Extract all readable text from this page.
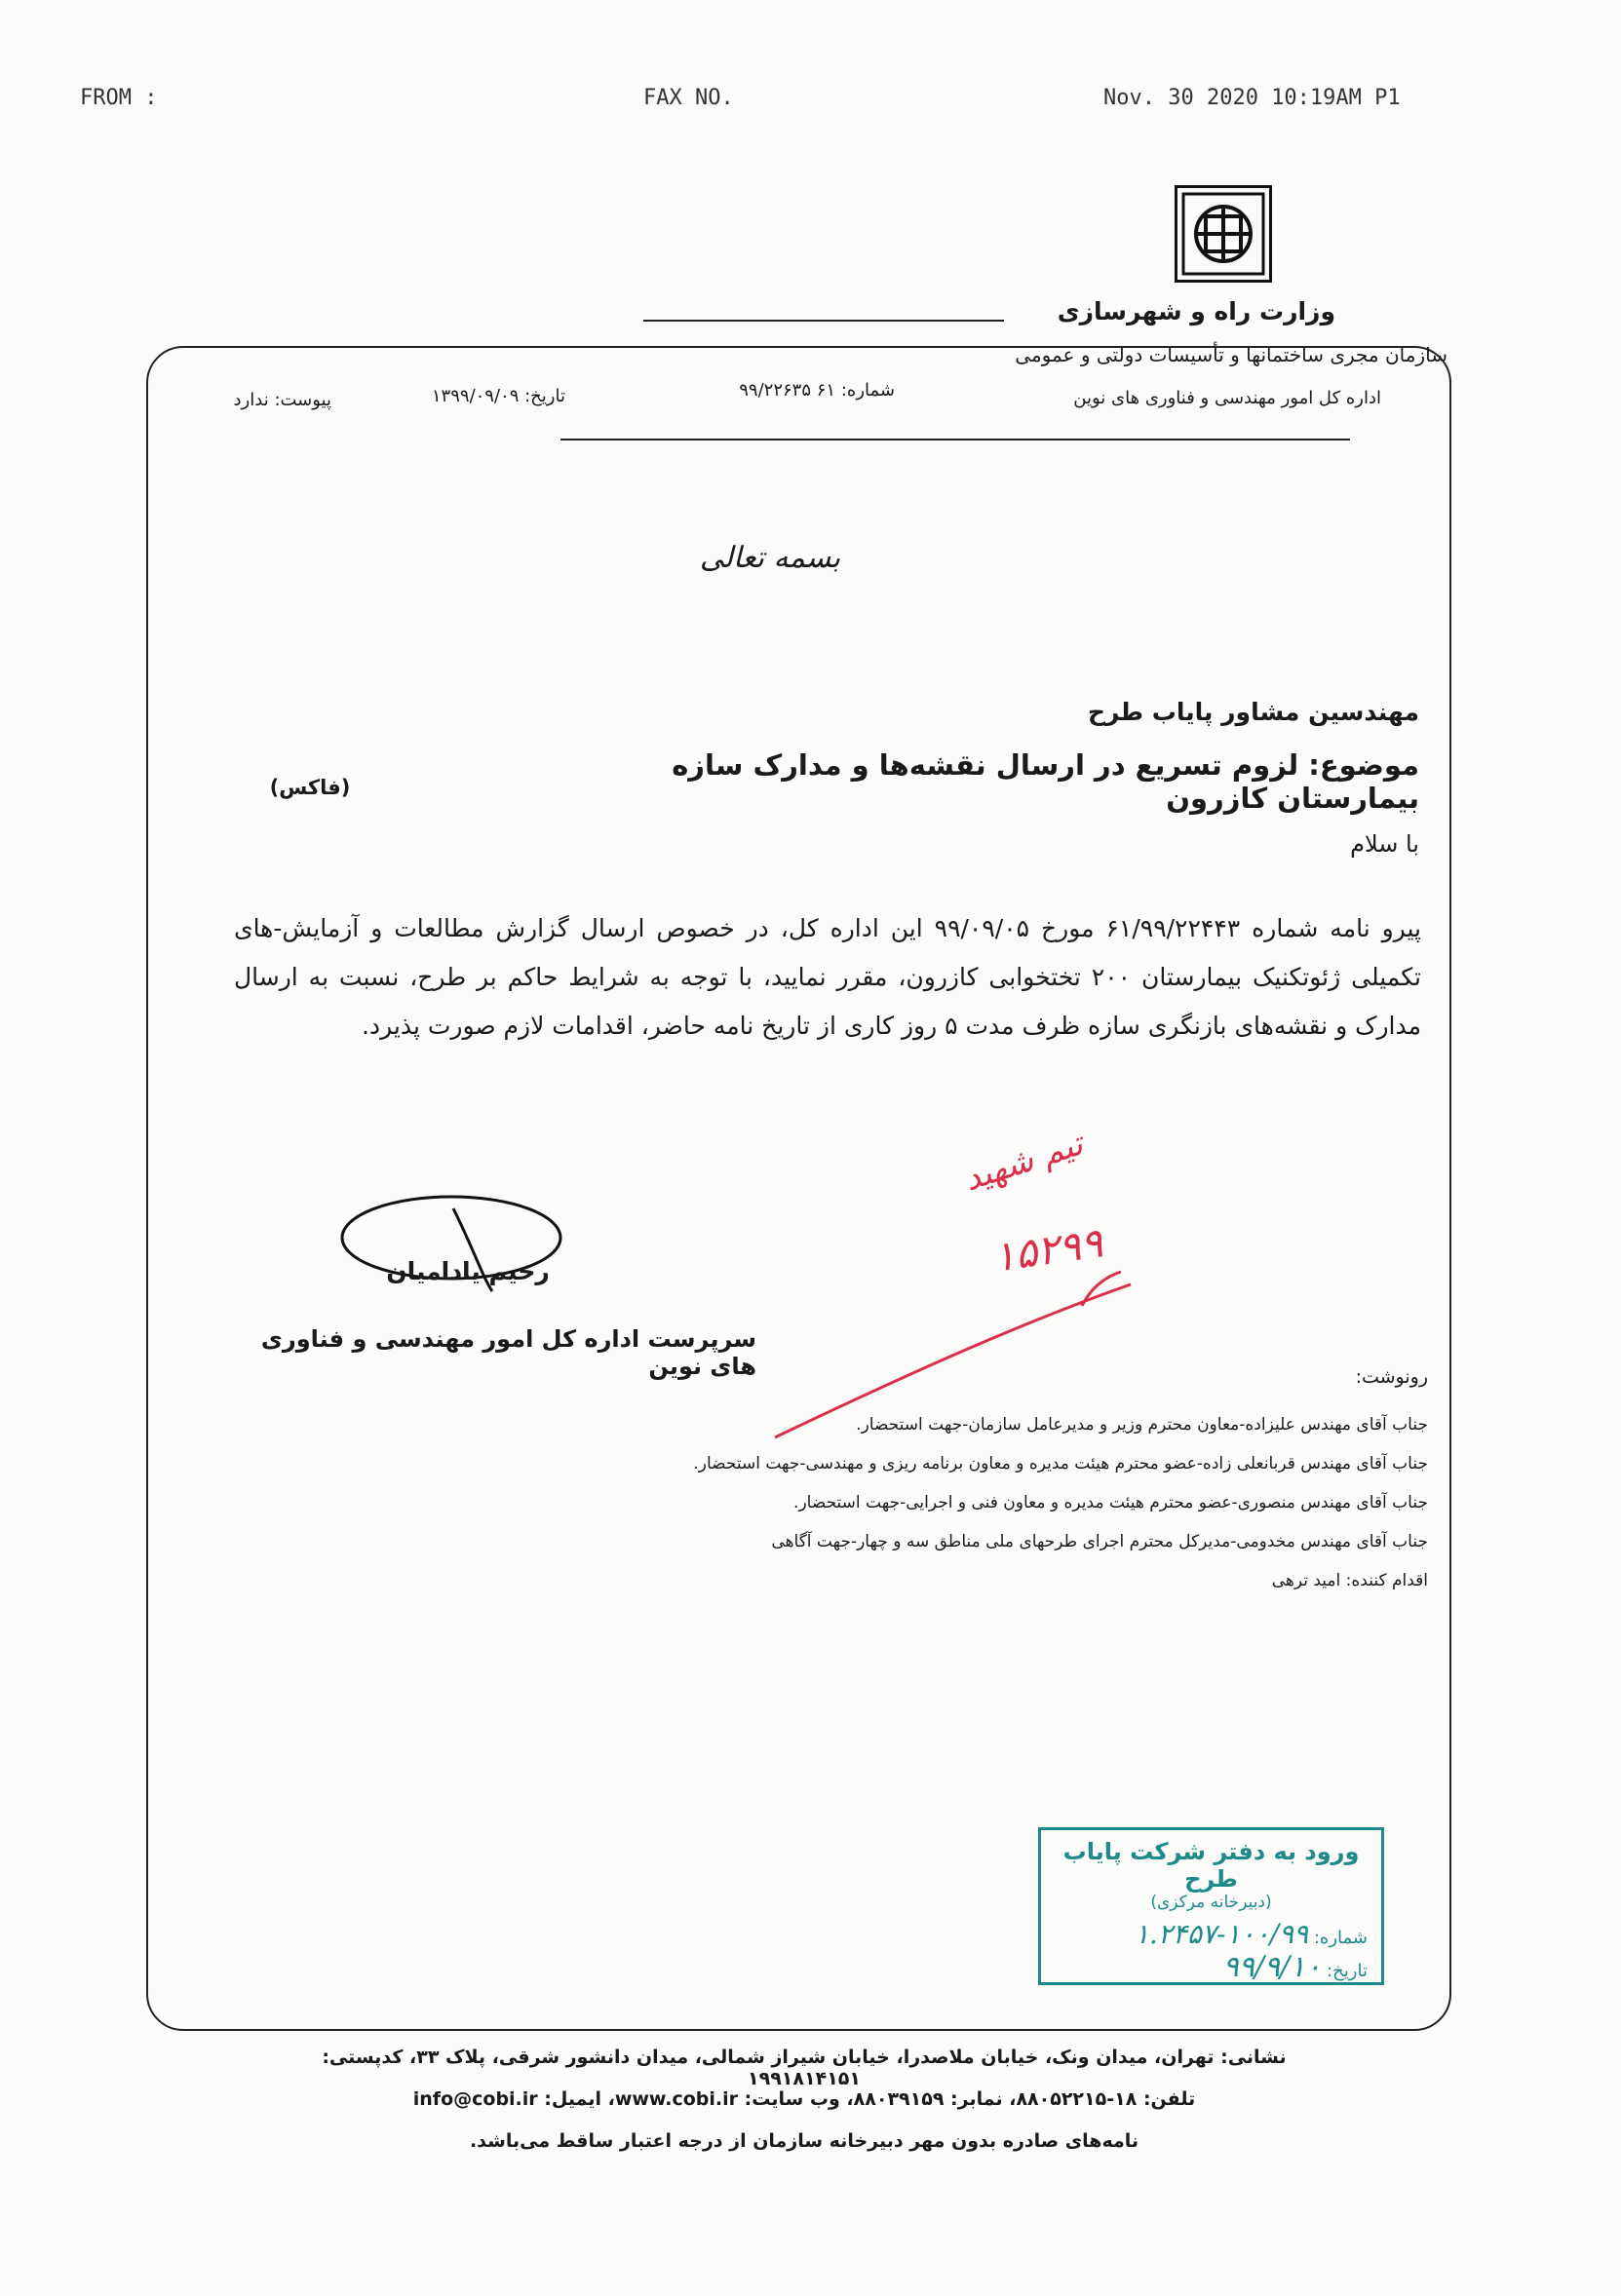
FROM :	FAX NO.	Nov. 30 2020 10:19AM P1
وزارت راه و شهرسازی
سازمان مجری ساختمانها و تأسیسات دولتی و عمومی
اداره کل امور مهندسی و فناوری های نوین
شماره: ۶۱ ۹۹/۲۲۶۳۵
تاریخ: ۱۳۹۹/۰۹/۰۹
پیوست: ندارد
بسمه تعالی
مهندسین مشاور پایاب طرح
موضوع: لزوم تسریع در ارسال نقشه‌ها و مدارک سازه بیمارستان کازرون
(فاکس)
با سلام
پیرو نامه شماره ۶۱/۹۹/۲۲۴۴۳ مورخ ۹۹/۰۹/۰۵ این اداره کل، در خصوص ارسال گزارش مطالعات و آزمایش-های تکمیلی ژئوتکنیک بیمارستان ۲۰۰ تختخوابی کازرون، مقرر نمایید، با توجه به شرایط حاکم بر طرح، نسبت به ارسال مدارک و نقشه‌های بازنگری سازه ظرف مدت ۵ روز کاری از تاریخ نامه حاضر، اقدامات لازم صورت پذیرد.
رحیم یادامیان
سرپرست اداره کل امور مهندسی و فناوری های نوین
تیم شهید
۱۵۲۹۹
رونوشت:
جناب آقای مهندس علیزاده-معاون محترم وزیر و مدیرعامل سازمان-جهت استحضار.
جناب آقای مهندس قربانعلی زاده-عضو محترم هیئت مدیره و معاون برنامه ریزی و مهندسی-جهت استحضار.
جناب آقای مهندس منصوری-عضو محترم هیئت مدیره و معاون فنی و اجرایی-جهت استحضار.
جناب آقای مهندس مخدومی-مدیرکل محترم اجرای طرحهای ملی مناطق سه و چهار-جهت آگاهی
اقدام کننده: امید ترهی
ورود به دفتر شرکت پایاب طرح
(دبیرخانه مرکزی)
شماره: ۱۰۰/۹۹-۱.۲۴۵۷
تاریخ: ۹۹/۹/۱۰
نشانی: تهران، میدان ونک، خیابان ملاصدرا، خیابان شیراز شمالی، میدان دانشور شرقی، پلاک ۳۳، کدپستی: ۱۹۹۱۸۱۴۱۵۱
تلفن: ۱۸-۸۸۰۵۲۲۱۵، نمابر: ۸۸۰۳۹۱۵۹، وب سایت: www.cobi.ir، ایمیل: info@cobi.ir
نامه‌های صادره بدون مهر دبیرخانه سازمان از درجه اعتبار ساقط می‌باشد.
